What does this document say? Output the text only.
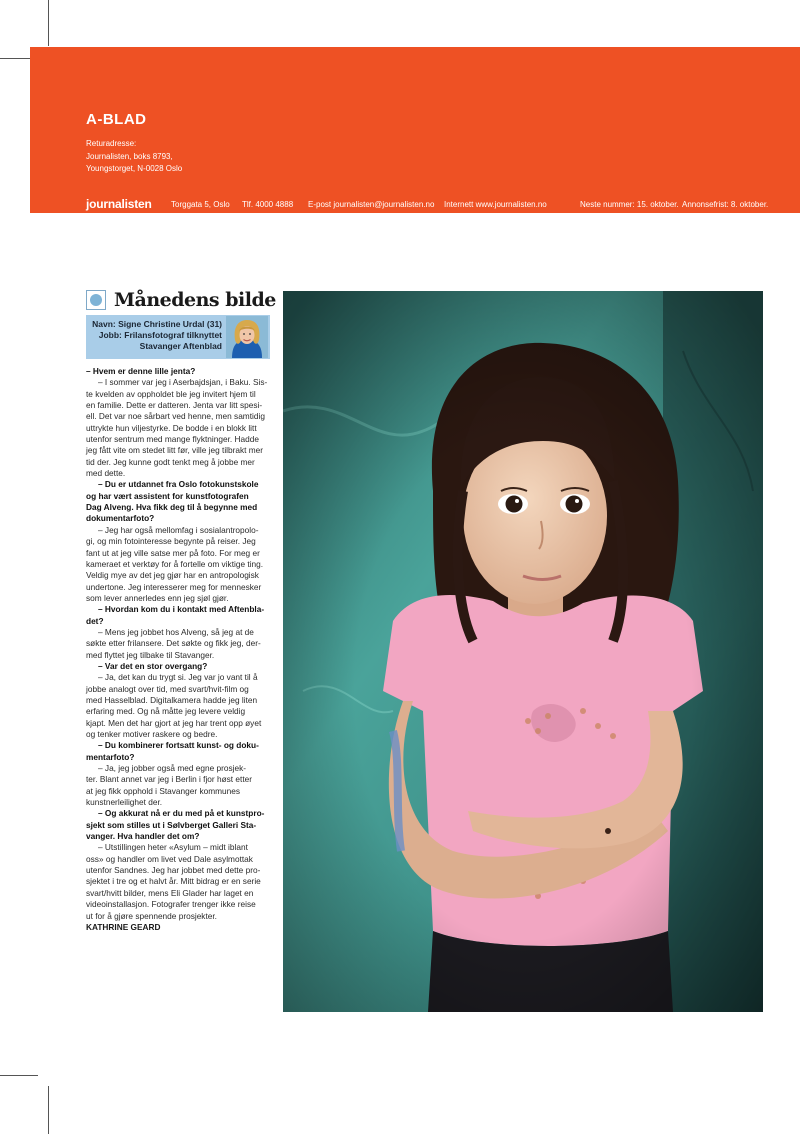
A-BLAD
Returadresse:
Journalisten, boks 8793,
Youngstorget, N-0028 Oslo
journalisten Torggata 5, Oslo Tlf. 4000 4888 E-post journalisten@journalisten.no Internett www.journalisten.no	Neste nummer: 15. oktober. Annonsefrist: 8. oktober.
Månedens bilde
Navn: Signe Christine Urdal (31)
Jobb: Frilansfotograf tilknyttet
Stavanger Aftenblad
– Hvem er denne lille jenta?
– I sommer var jeg i Aserbajdsjan, i Baku. Sis-
te kvelden av oppholdet ble jeg invitert hjem til
en familie. Dette er datteren. Jenta var litt spesi-
ell. Det var noe sårbart ved henne, men samtidig
uttrykte hun viljestyrke. De bodde i en blokk litt
utenfor sentrum med mange flyktninger. Hadde
jeg fått vite om stedet litt før, ville jeg tilbrakt mer
tid der. Jeg kunne godt tenkt meg å jobbe mer
med dette.
– Du er utdannet fra Oslo fotokunstskole
og har vært assistent for kunstfotografen
Dag Alveng. Hva fikk deg til å begynne med
dokumentarfoto?
– Jeg har også mellomfag i sosialantropolo-
gi, og min fotointeresse begynte på reiser. Jeg
fant ut at jeg ville satse mer på foto. For meg er
kameraet et verktøy for å fortelle om viktige ting.
Veldig mye av det jeg gjør har en antropologisk
undertone. Jeg interesserer meg for mennesker
som lever annerledes enn jeg sjøl gjør.
– Hvordan kom du i kontakt med Aftenbla-
det?
– Mens jeg jobbet hos Alveng, så jeg at de
søkte etter frilansere. Det søkte og fikk jeg, der-
med flyttet jeg tilbake til Stavanger.
– Var det en stor overgang?
– Ja, det kan du trygt si. Jeg var jo vant til å
jobbe analogt over tid, med svart/hvit-film og
med Hasselblad. Digitalkamera hadde jeg liten
erfaring med. Og nå måtte jeg levere veldig
kjapt. Men det har gjort at jeg har trent opp øyet
og tenker motiver raskere og bedre.
– Du kombinerer fortsatt kunst- og doku-
mentarfoto?
– Ja, jeg jobber også med egne prosjek-
ter. Blant annet var jeg i Berlin i fjor høst etter
at jeg fikk opphold i Stavanger kommunes
kunstnerleilighet der.
– Og akkurat nå er du med på et kunstpro-
sjekt som stilles ut i Sølvberget Galleri Sta-
vanger. Hva handler det om?
– Utstillingen heter «Asylum – midt iblant
oss» og handler om livet ved Dale asylmottak
utenfor Sandnes. Jeg har jobbet med dette pro-
sjektet i tre og et halvt år. Mitt bidrag er en serie
svart/hvitt bilder, mens Eli Glader har laget en
videoinstallasjon. Fotografer trenger ikke reise
ut for å gjøre spennende prosjekter.
KATHRINE GEARD
